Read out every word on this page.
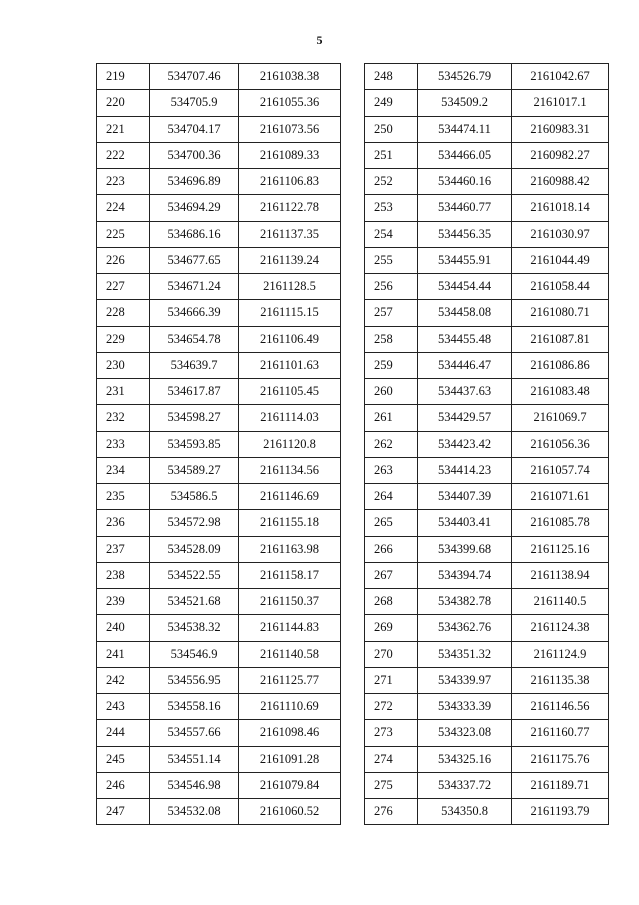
5
219	534707.46	2161038.38
220	534705.9	2161055.36
221	534704.17	2161073.56
222	534700.36	2161089.33
223	534696.89	2161106.83
224	534694.29	2161122.78
225	534686.16	2161137.35
226	534677.65	2161139.24
227	534671.24	2161128.5
228	534666.39	2161115.15
229	534654.78	2161106.49
230	534639.7	2161101.63
231	534617.87	2161105.45
232	534598.27	2161114.03
233	534593.85	2161120.8
234	534589.27	2161134.56
235	534586.5	2161146.69
236	534572.98	2161155.18
237	534528.09	2161163.98
238	534522.55	2161158.17
239	534521.68	2161150.37
240	534538.32	2161144.83
241	534546.9	2161140.58
242	534556.95	2161125.77
243	534558.16	2161110.69
244	534557.66	2161098.46
245	534551.14	2161091.28
246	534546.98	2161079.84
247	534532.08	2161060.52
248	534526.79	2161042.67
249	534509.2	2161017.1
250	534474.11	2160983.31
251	534466.05	2160982.27
252	534460.16	2160988.42
253	534460.77	2161018.14
254	534456.35	2161030.97
255	534455.91	2161044.49
256	534454.44	2161058.44
257	534458.08	2161080.71
258	534455.48	2161087.81
259	534446.47	2161086.86
260	534437.63	2161083.48
261	534429.57	2161069.7
262	534423.42	2161056.36
263	534414.23	2161057.74
264	534407.39	2161071.61
265	534403.41	2161085.78
266	534399.68	2161125.16
267	534394.74	2161138.94
268	534382.78	2161140.5
269	534362.76	2161124.38
270	534351.32	2161124.9
271	534339.97	2161135.38
272	534333.39	2161146.56
273	534323.08	2161160.77
274	534325.16	2161175.76
275	534337.72	2161189.71
276	534350.8	2161193.79
